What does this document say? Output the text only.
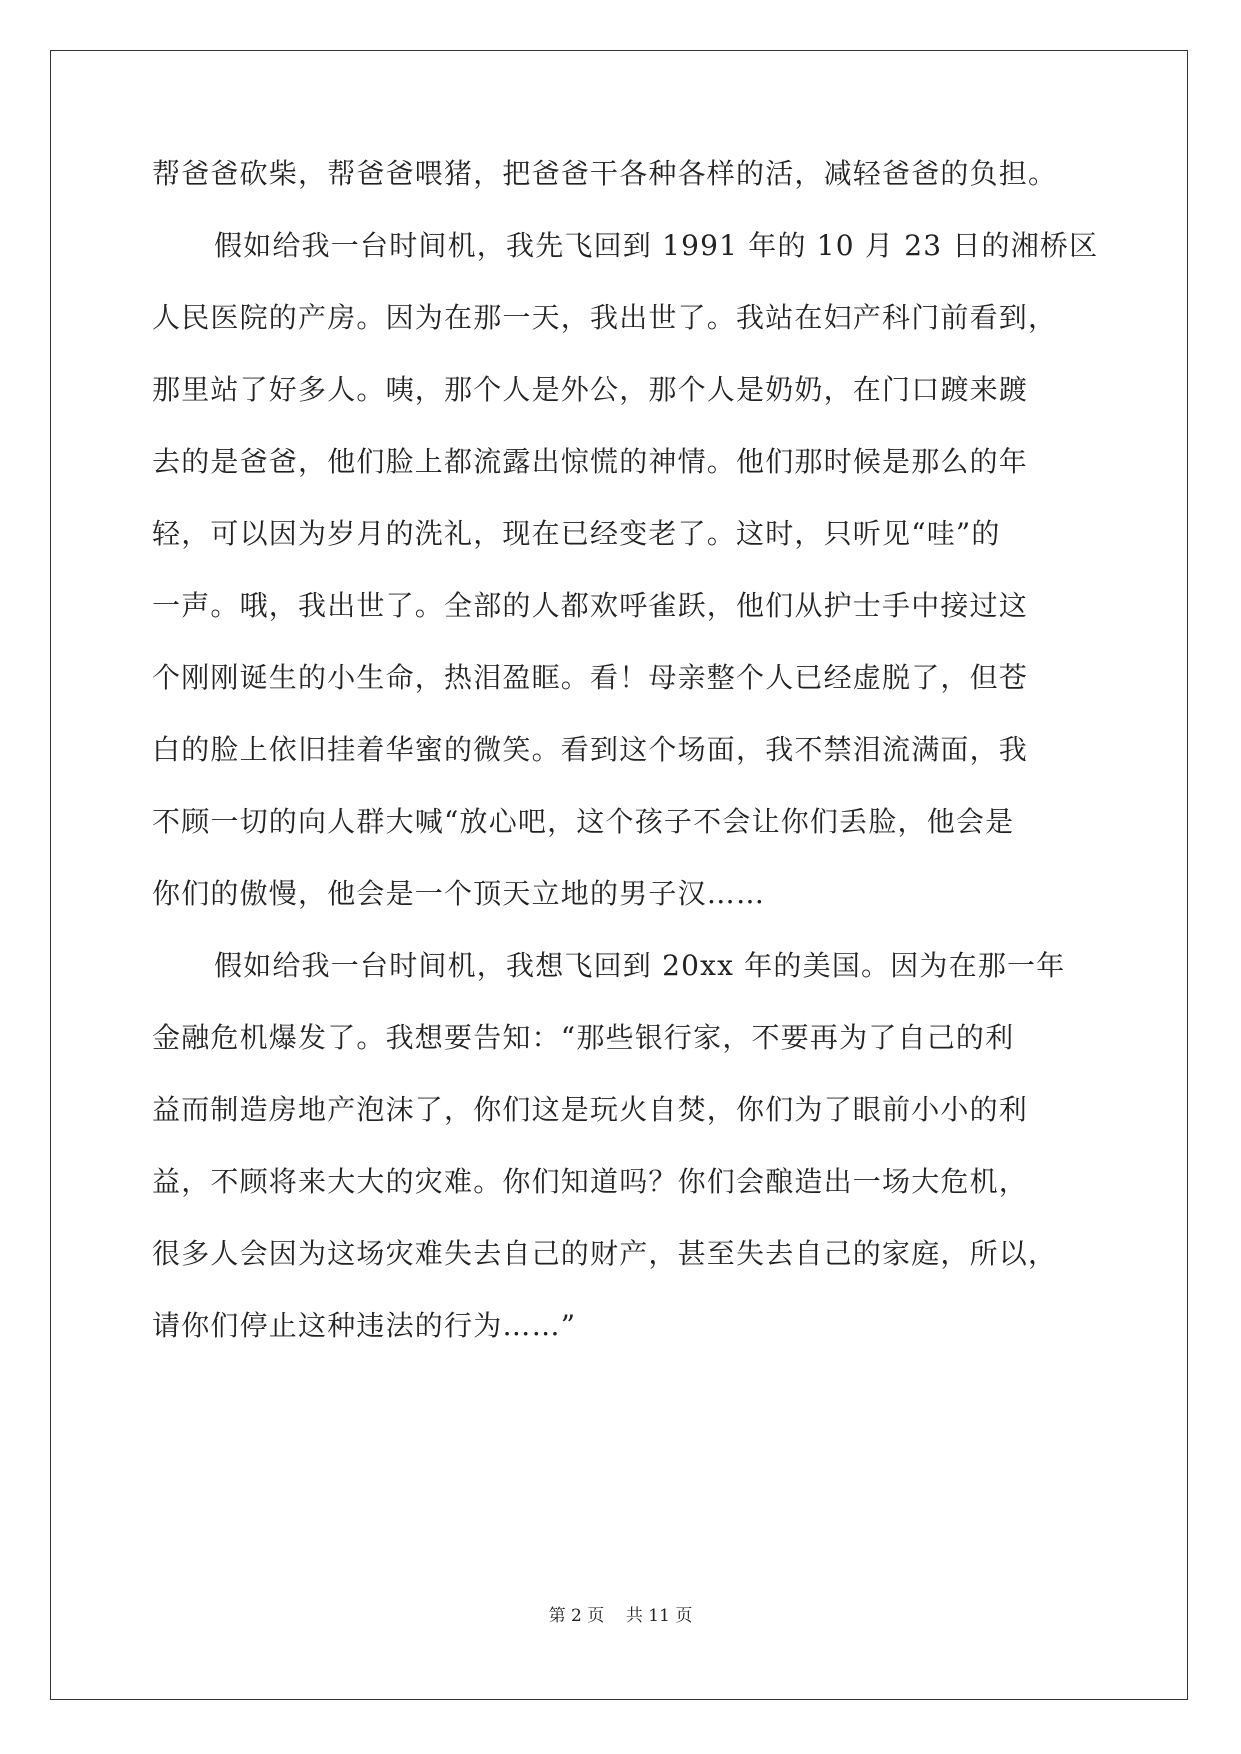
帮爸爸砍柴，帮爸爸喂猪，把爸爸干各种各样的活，减轻爸爸的负担。
假如给我一台时间机，我先飞回到 1991 年的 10 月 23 日的湘桥区
人民医院的产房。因为在那一天，我出世了。我站在妇产科门前看到，
那里站了好多人。咦，那个人是外公，那个人是奶奶，在门口踱来踱
去的是爸爸，他们脸上都流露出惊慌的神情。他们那时候是那么的年
轻，可以因为岁月的洗礼，现在已经变老了。这时，只听见“哇”的
一声。哦，我出世了。全部的人都欢呼雀跃，他们从护士手中接过这
个刚刚诞生的小生命，热泪盈眶。看！母亲整个人已经虚脱了，但苍
白的脸上依旧挂着华蜜的微笑。看到这个场面，我不禁泪流满面，我
不顾一切的向人群大喊“放心吧，这个孩子不会让你们丢脸，他会是
你们的傲慢，他会是一个顶天立地的男子汉……
假如给我一台时间机，我想飞回到 20xx 年的美国。因为在那一年
金融危机爆发了。我想要告知：“那些银行家，不要再为了自己的利
益而制造房地产泡沫了，你们这是玩火自焚，你们为了眼前小小的利
益，不顾将来大大的灾难。你们知道吗？你们会酿造出一场大危机，
很多人会因为这场灾难失去自己的财产，甚至失去自己的家庭，所以，
请你们停止这种违法的行为……”
第 2 页    共 11 页
